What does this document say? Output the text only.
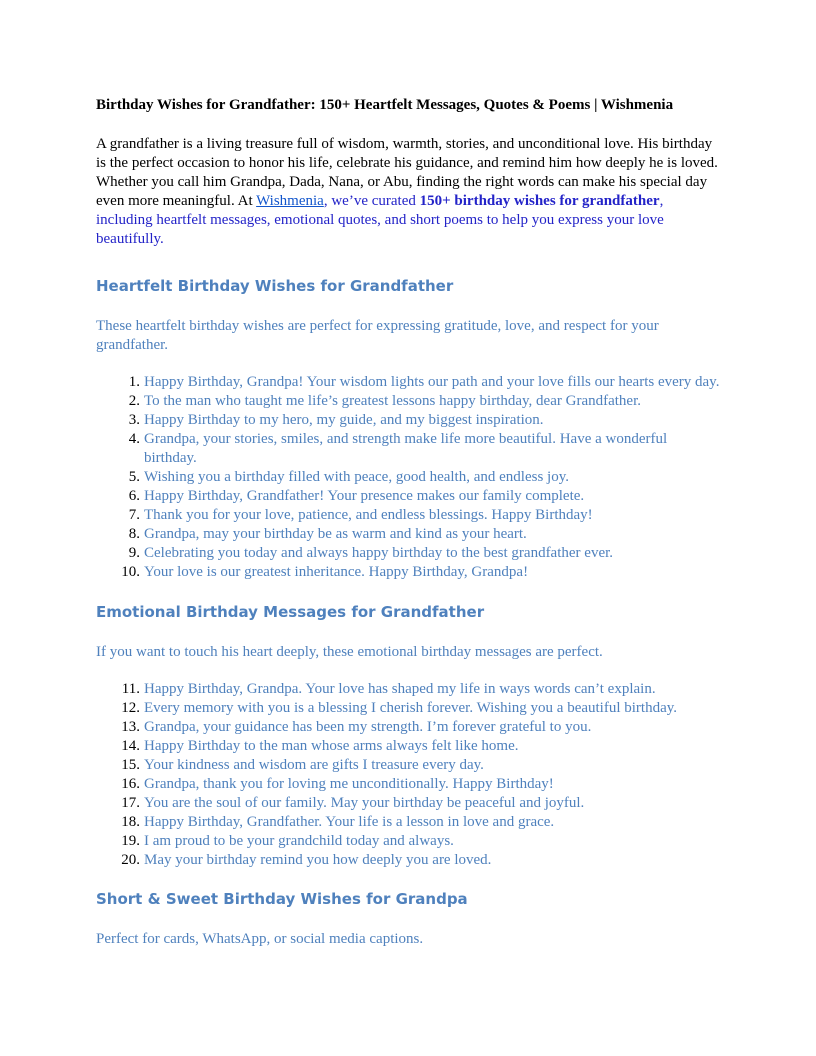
Birthday Wishes for Grandfather: 150+ Heartfelt Messages, Quotes & Poems | Wishmenia

A grandfather is a living treasure full of wisdom, warmth, stories, and unconditional love. His birthday is the perfect occasion to honor his life, celebrate his guidance, and remind him how deeply he is loved. Whether you call him Grandpa, Dada, Nana, or Abu, finding the right words can make his special day even more meaningful. At Wishmenia, we’ve curated 150+ birthday wishes for grandfather, including heartfelt messages, emotional quotes, and short poems to help you express your love beautifully.

Heartfelt Birthday Wishes for Grandfather

These heartfelt birthday wishes are perfect for expressing gratitude, love, and respect for your grandfather.

1. Happy Birthday, Grandpa! Your wisdom lights our path and your love fills our hearts every day.
2. To the man who taught me life’s greatest lessons happy birthday, dear Grandfather.
3. Happy Birthday to my hero, my guide, and my biggest inspiration.
4. Grandpa, your stories, smiles, and strength make life more beautiful. Have a wonderful birthday.
5. Wishing you a birthday filled with peace, good health, and endless joy.
6. Happy Birthday, Grandfather! Your presence makes our family complete.
7. Thank you for your love, patience, and endless blessings. Happy Birthday!
8. Grandpa, may your birthday be as warm and kind as your heart.
9. Celebrating you today and always happy birthday to the best grandfather ever.
10. Your love is our greatest inheritance. Happy Birthday, Grandpa!
Emotional Birthday Messages for Grandfather

If you want to touch his heart deeply, these emotional birthday messages are perfect.

11. Happy Birthday, Grandpa. Your love has shaped my life in ways words can’t explain.
12. Every memory with you is a blessing I cherish forever. Wishing you a beautiful birthday.
13. Grandpa, your guidance has been my strength. I’m forever grateful to you.
14. Happy Birthday to the man whose arms always felt like home.
15. Your kindness and wisdom are gifts I treasure every day.
16. Grandpa, thank you for loving me unconditionally. Happy Birthday!
17. You are the soul of our family. May your birthday be peaceful and joyful.
18. Happy Birthday, Grandfather. Your life is a lesson in love and grace.
19. I am proud to be your grandchild today and always.
20. May your birthday remind you how deeply you are loved.
Short & Sweet Birthday Wishes for Grandpa

Perfect for cards, WhatsApp, or social media captions.
